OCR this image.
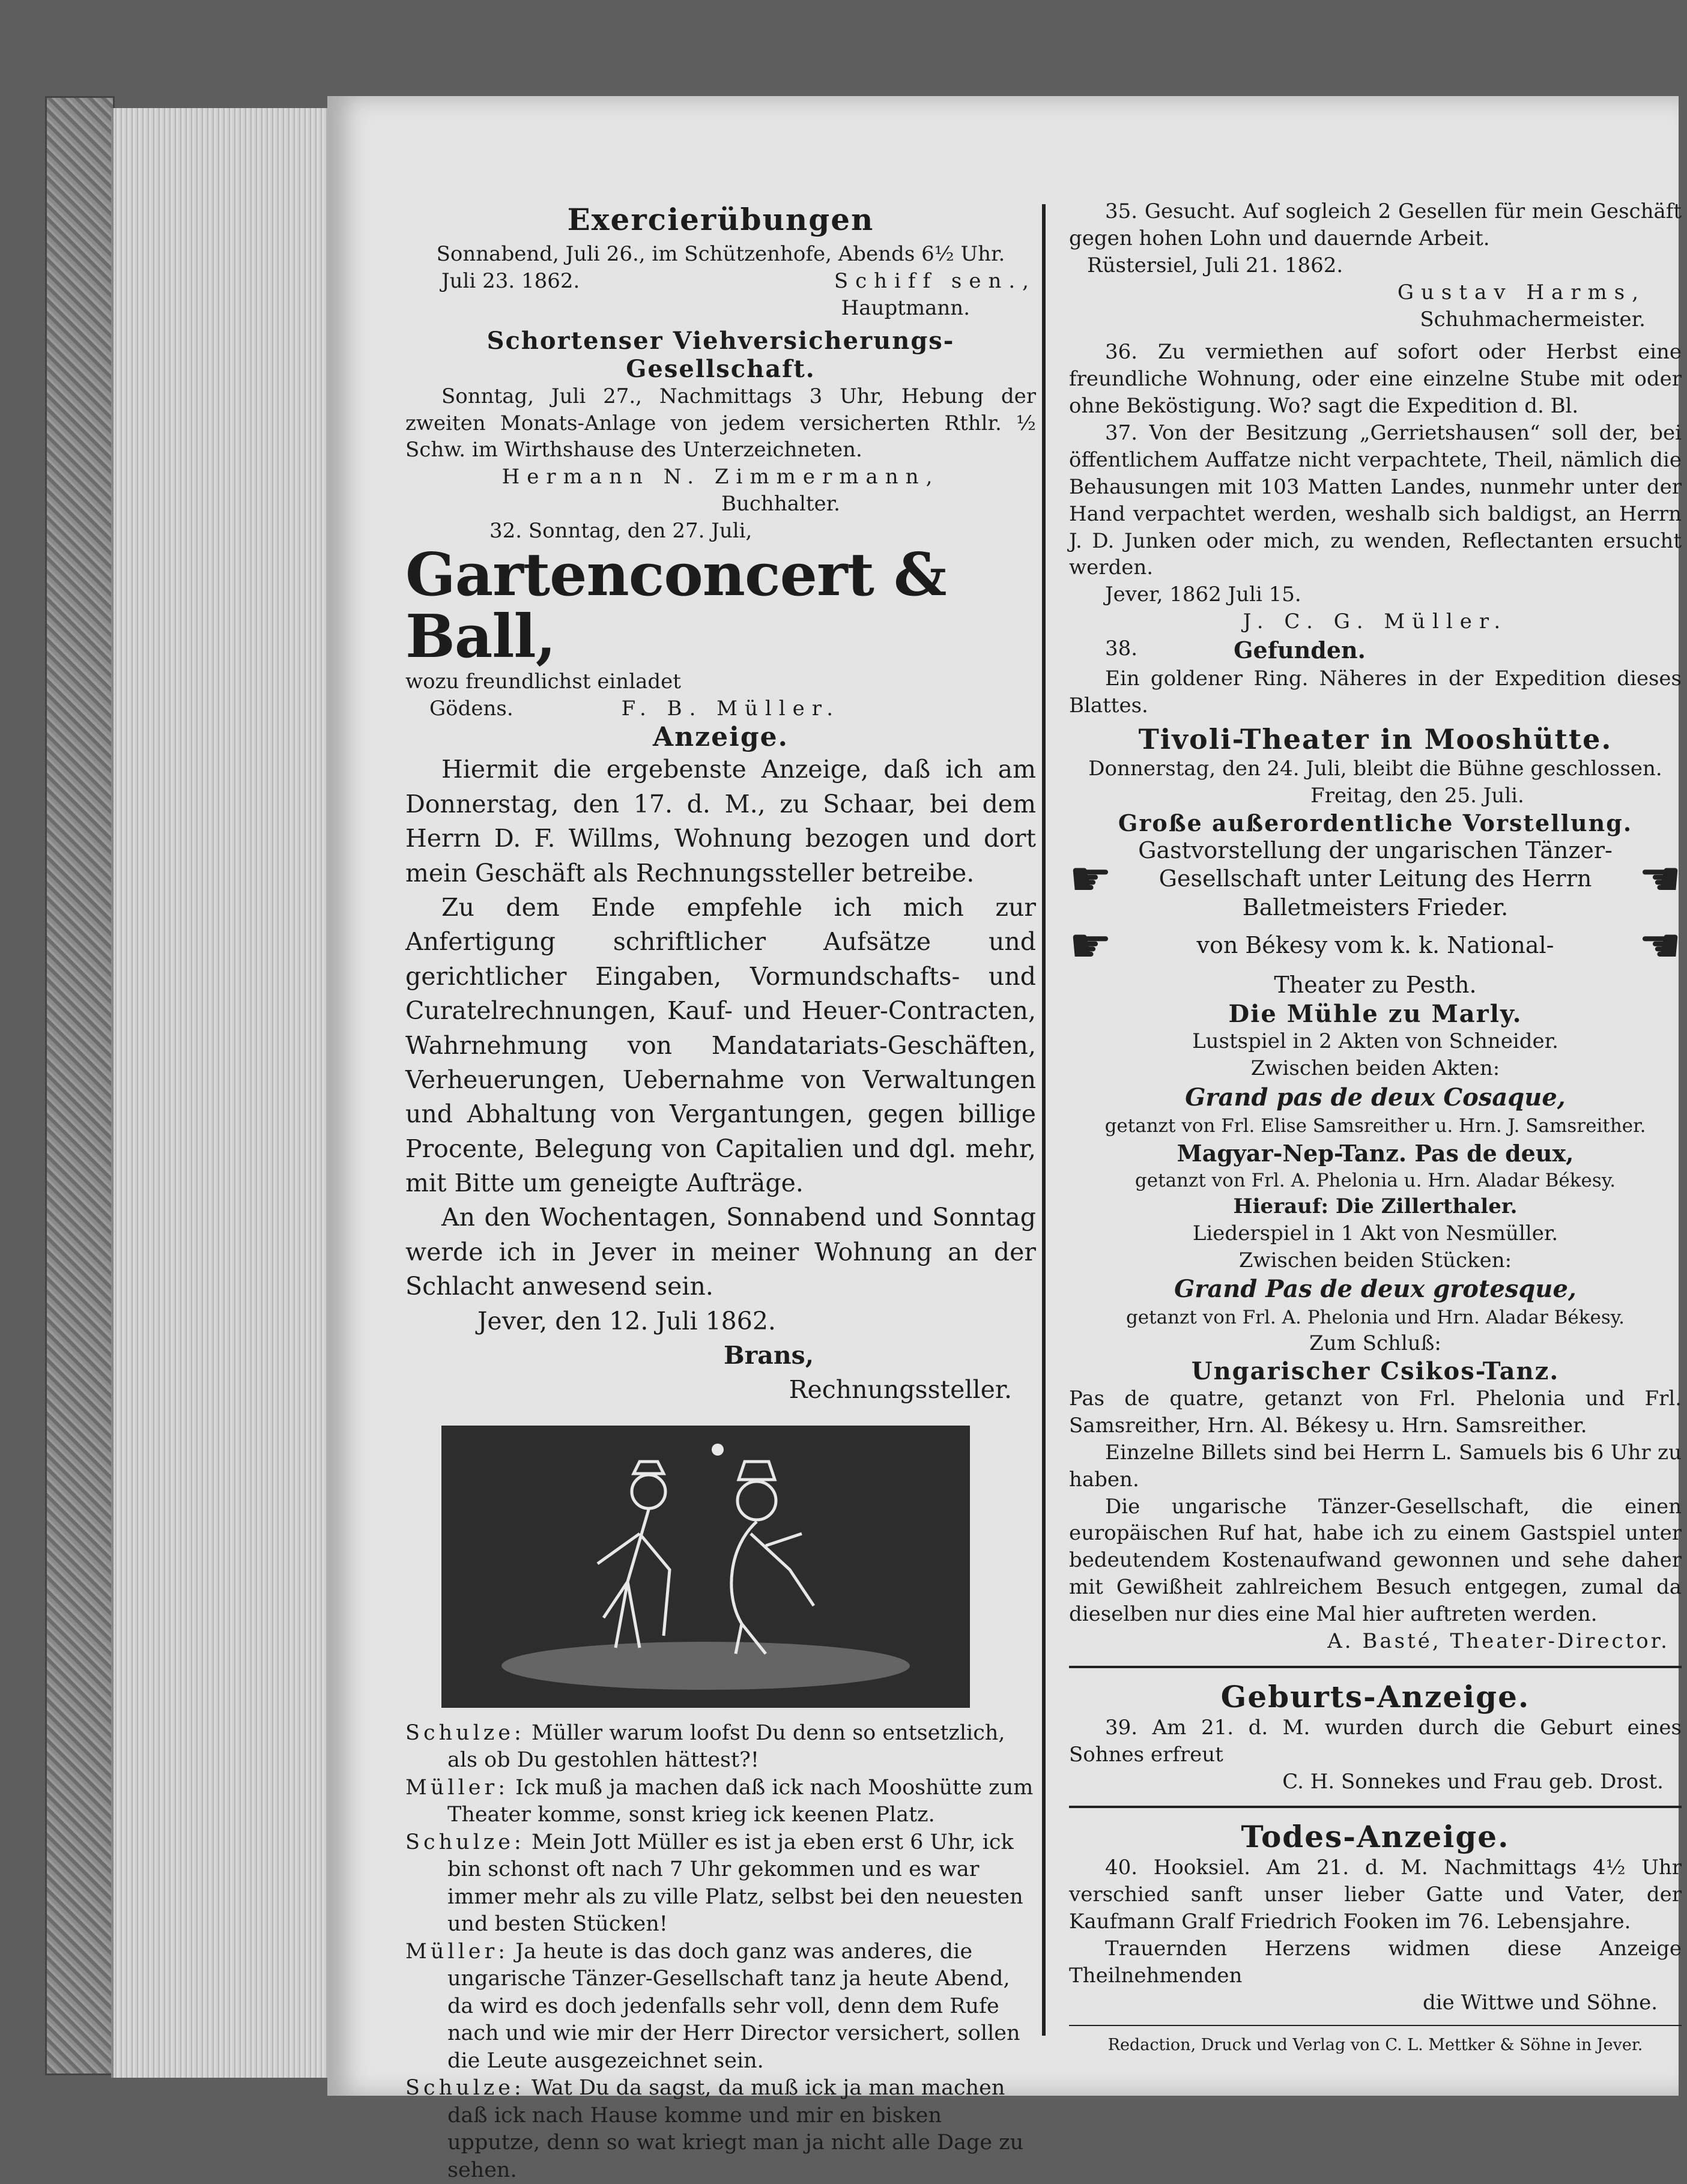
Exercierübungen

Sonnabend, Juli 26., im Schützenhofe, Abends 6½ Uhr.

Juli 23. 1862.	Schiff sen.,

Hauptmann.

Schortenser Viehversicherungs-Gesellschaft.

Sonntag, Juli 27., Nachmittags 3 Uhr, Hebung der zweiten Monats-Anlage von jedem versicherten Rthlr. ½ Schw. im Wirthshause des Unterzeichneten.

Hermann N. Zimmermann,

Buchhalter.

32. Sonntag, den 27. Juli,

Gartenconcert & Ball,

wozu freundlichst einladet

Gödens.	F. B. Müller.

Anzeige.

Hiermit die ergebenste Anzeige, daß ich am Donnerstag, den 17. d. M., zu Schaar, bei dem Herrn D. F. Willms, Wohnung bezogen und dort mein Geschäft als Rechnungssteller betreibe.

Zu dem Ende empfehle ich mich zur Anfertigung schriftlicher Aufsätze und gerichtlicher Eingaben, Vormundschafts- und Curatelrechnungen, Kauf- und Heuer-Contracten, Wahrnehmung von Mandatariats-Geschäften, Verheuerungen, Uebernahme von Verwaltungen und Abhaltung von Vergantungen, gegen billige Procente, Belegung von Capitalien und dgl. mehr, mit Bitte um geneigte Aufträge.

An den Wochentagen, Sonnabend und Sonntag werde ich in Jever in meiner Wohnung an der Schlacht anwesend sein.

Jever, den 12. Juli 1862.

Brans,

Rechnungssteller.

Schulze: Müller warum loofst Du denn so entsetzlich, als ob Du gestohlen hättest?!

Müller: Ick muß ja machen daß ick nach Mooshütte zum Theater komme, sonst krieg ick keenen Platz.

Schulze: Mein Jott Müller es ist ja eben erst 6 Uhr, ick bin schonst oft nach 7 Uhr gekommen und es war immer mehr als zu ville Platz, selbst bei den neuesten und besten Stücken!

Müller: Ja heute is das doch ganz was anderes, die ungarische Tänzer-Gesellschaft tanz ja heute Abend, da wird es doch jedenfalls sehr voll, denn dem Rufe nach und wie mir der Herr Director versichert, sollen die Leute ausgezeichnet sein.

Schulze: Wat Du da sagst, da muß ick ja man machen daß ick nach Hause komme und mir en bisken upputze, denn so wat kriegt man ja nicht alle Dage zu sehen.

35. Gesucht. Auf sogleich 2 Gesellen für mein Geschäft gegen hohen Lohn und dauernde Arbeit.

Rüstersiel, Juli 21. 1862.

Gustav Harms,

Schuhmachermeister.

36. Zu vermiethen auf sofort oder Herbst eine freundliche Wohnung, oder eine einzelne Stube mit oder ohne Beköstigung. Wo? sagt die Expedition d. Bl.

37. Von der Besitzung „Gerrietshausen“ soll der, bei öffentlichem Auffatze nicht verpachtete, Theil, nämlich die Behausungen mit 103 Matten Landes, nunmehr unter der Hand verpachtet werden, weshalb sich baldigst, an Herrn J. D. Junken oder mich, zu wenden, Reflectanten ersucht werden.

Jever, 1862 Juli 15.

J. C. G. Müller.

38.	Gefunden.

Ein goldener Ring. Näheres in der Expedition dieses Blattes.

Tivoli-Theater in Mooshütte.

Donnerstag, den 24. Juli, bleibt die Bühne geschlossen.

Freitag, den 25. Juli.

Große außerordentliche Vorstellung.

☛
Gastvorstellung der ungarischen Tänzer-Gesellschaft unter Leitung des Herrn Balletmeisters Frieder.
☚
☛	von Békesy vom k. k. National-	☚

Theater zu Pesth.

Die Mühle zu Marly.

Lustspiel in 2 Akten von Schneider.

Zwischen beiden Akten:

Grand pas de deux Cosaque,

getanzt von Frl. Elise Samsreither u. Hrn. J. Samsreither.

Magyar-Nep-Tanz. Pas de deux,

getanzt von Frl. A. Phelonia u. Hrn. Aladar Békesy.

Hierauf: Die Zillerthaler.

Liederspiel in 1 Akt von Nesmüller.

Zwischen beiden Stücken:

Grand Pas de deux grotesque,

getanzt von Frl. A. Phelonia und Hrn. Aladar Békesy.

Zum Schluß:

Ungarischer Csikos-Tanz.

Pas de quatre, getanzt von Frl. Phelonia und Frl. Samsreither, Hrn. Al. Békesy u. Hrn. Samsreither.

Einzelne Billets sind bei Herrn L. Samuels bis 6 Uhr zu haben.

Die ungarische Tänzer-Gesellschaft, die einen europäischen Ruf hat, habe ich zu einem Gastspiel unter bedeutendem Kostenaufwand gewonnen und sehe daher mit Gewißheit zahlreichem Besuch entgegen, zumal da dieselben nur dies eine Mal hier auftreten werden.

A. Basté, Theater-Director.

Geburts-Anzeige.

39. Am 21. d. M. wurden durch die Geburt eines Sohnes erfreut

C. H. Sonnekes und Frau geb. Drost.

Todes-Anzeige.

40. Hooksiel. Am 21. d. M. Nachmittags 4½ Uhr verschied sanft unser lieber Gatte und Vater, der Kaufmann Gralf Friedrich Fooken im 76. Lebensjahre.

Trauernden Herzens widmen diese Anzeige Theilnehmenden

die Wittwe und Söhne.

Redaction, Druck und Verlag von C. L. Mettker & Söhne in Jever.
